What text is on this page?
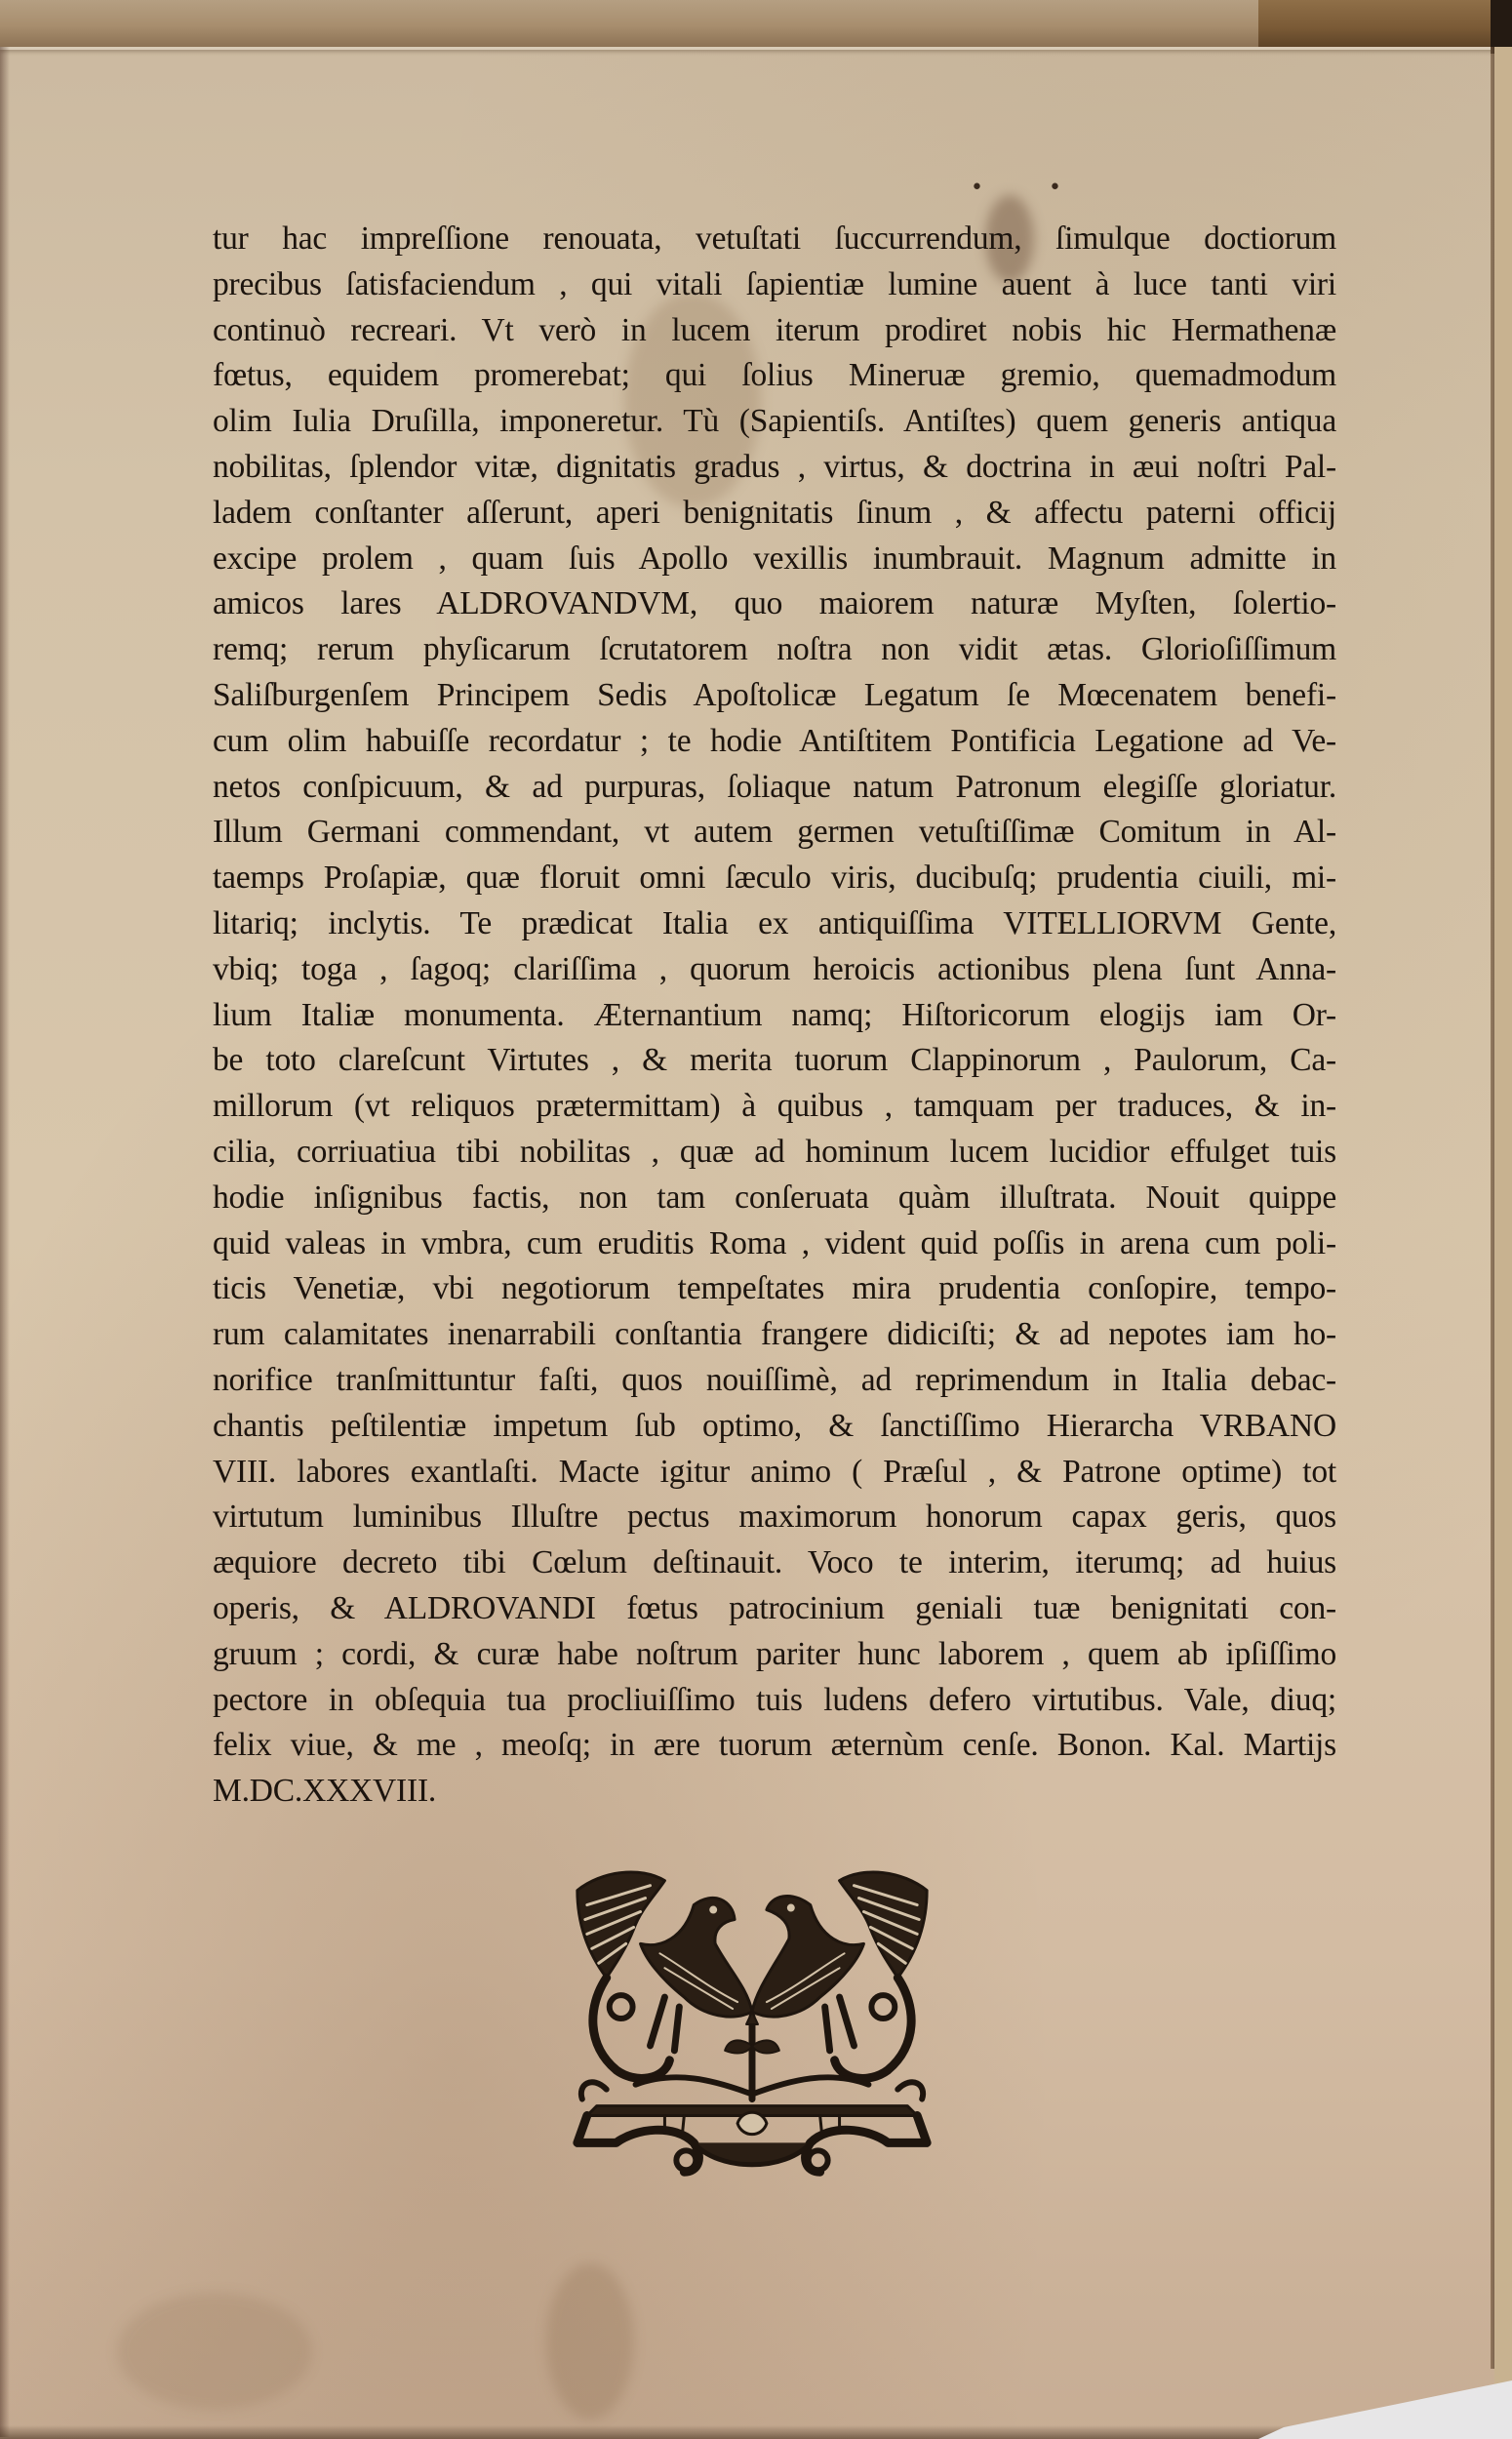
• •
tur hac impreſſione renouata, vetuſtati ſuccurrendum, ſimulque doctiorum
precibus ſatisfaciendum , qui vitali ſapientiæ lumine auent à luce tanti viri
continuò recreari. Vt verò in lucem iterum prodiret nobis hic Hermathenæ
fœtus, equidem promerebat; qui ſolius Mineruæ gremio, quemadmodum
olim Iulia Druſilla, imponeretur. Tù (Sapientiſs. Antiſtes) quem generis antiqua
nobilitas, ſplendor vitæ, dignitatis gradus , virtus, & doctrina in æui noſtri Pal-
ladem conſtanter aſſerunt, aperi benignitatis ſinum , & affectu paterni officij
excipe prolem , quam ſuis Apollo vexillis inumbrauit. Magnum admitte in
amicos lares ALDROVANDVM, quo maiorem naturæ Myſten, ſolertio-
remq; rerum phyſicarum ſcrutatorem noſtra non vidit ætas. Glorioſiſſimum
Saliſburgenſem Principem Sedis Apoſtolicæ Legatum ſe Mœcenatem benefi-
cum olim habuiſſe recordatur ; te hodie Antiſtitem Pontificia Legatione ad Ve-
netos conſpicuum, & ad purpuras, ſoliaque natum Patronum elegiſſe gloriatur.
Illum Germani commendant, vt autem germen vetuſtiſſimæ Comitum in Al-
taemps Proſapiæ, quæ floruit omni ſæculo viris, ducibuſq; prudentia ciuili, mi-
litariq; inclytis. Te prædicat Italia ex antiquiſſima VITELLIORVM Gente,
vbiq; toga , ſagoq; clariſſima , quorum heroicis actionibus plena ſunt Anna-
lium Italiæ monumenta. Æternantium namq; Hiſtoricorum elogijs iam Or-
be toto clareſcunt Virtutes , & merita tuorum Clappinorum , Paulorum, Ca-
millorum (vt reliquos prætermittam) à quibus , tamquam per traduces, & in-
cilia, corriuatiua tibi nobilitas , quæ ad hominum lucem lucidior effulget tuis
hodie inſignibus factis, non tam conſeruata quàm illuſtrata. Nouit quippe
quid valeas in vmbra, cum eruditis Roma , vident quid poſſis in arena cum poli-
ticis Venetiæ, vbi negotiorum tempeſtates mira prudentia conſopire, tempo-
rum calamitates inenarrabili conſtantia frangere didiciſti; & ad nepotes iam ho-
norifice tranſmittuntur faſti, quos nouiſſimè, ad reprimendum in Italia debac-
chantis peſtilentiæ impetum ſub optimo, & ſanctiſſimo Hierarcha VRBANO
VIII. labores exantlaſti. Macte igitur animo ( Præſul , & Patrone optime) tot
virtutum luminibus Illuſtre pectus maximorum honorum capax geris, quos
æquiore decreto tibi Cœlum deſtinauit. Voco te interim, iterumq; ad huius
operis, & ALDROVANDI fœtus patrocinium geniali tuæ benignitati con-
gruum ; cordi, & curæ habe noſtrum pariter hunc laborem , quem ab ipſiſſimo
pectore in obſequia tua procliuiſſimo tuis ludens defero virtutibus. Vale, diuq;
felix viue, & me , meoſq; in ære tuorum æternùm cenſe. Bonon. Kal. Martijs
M.DC.XXXVIII.
